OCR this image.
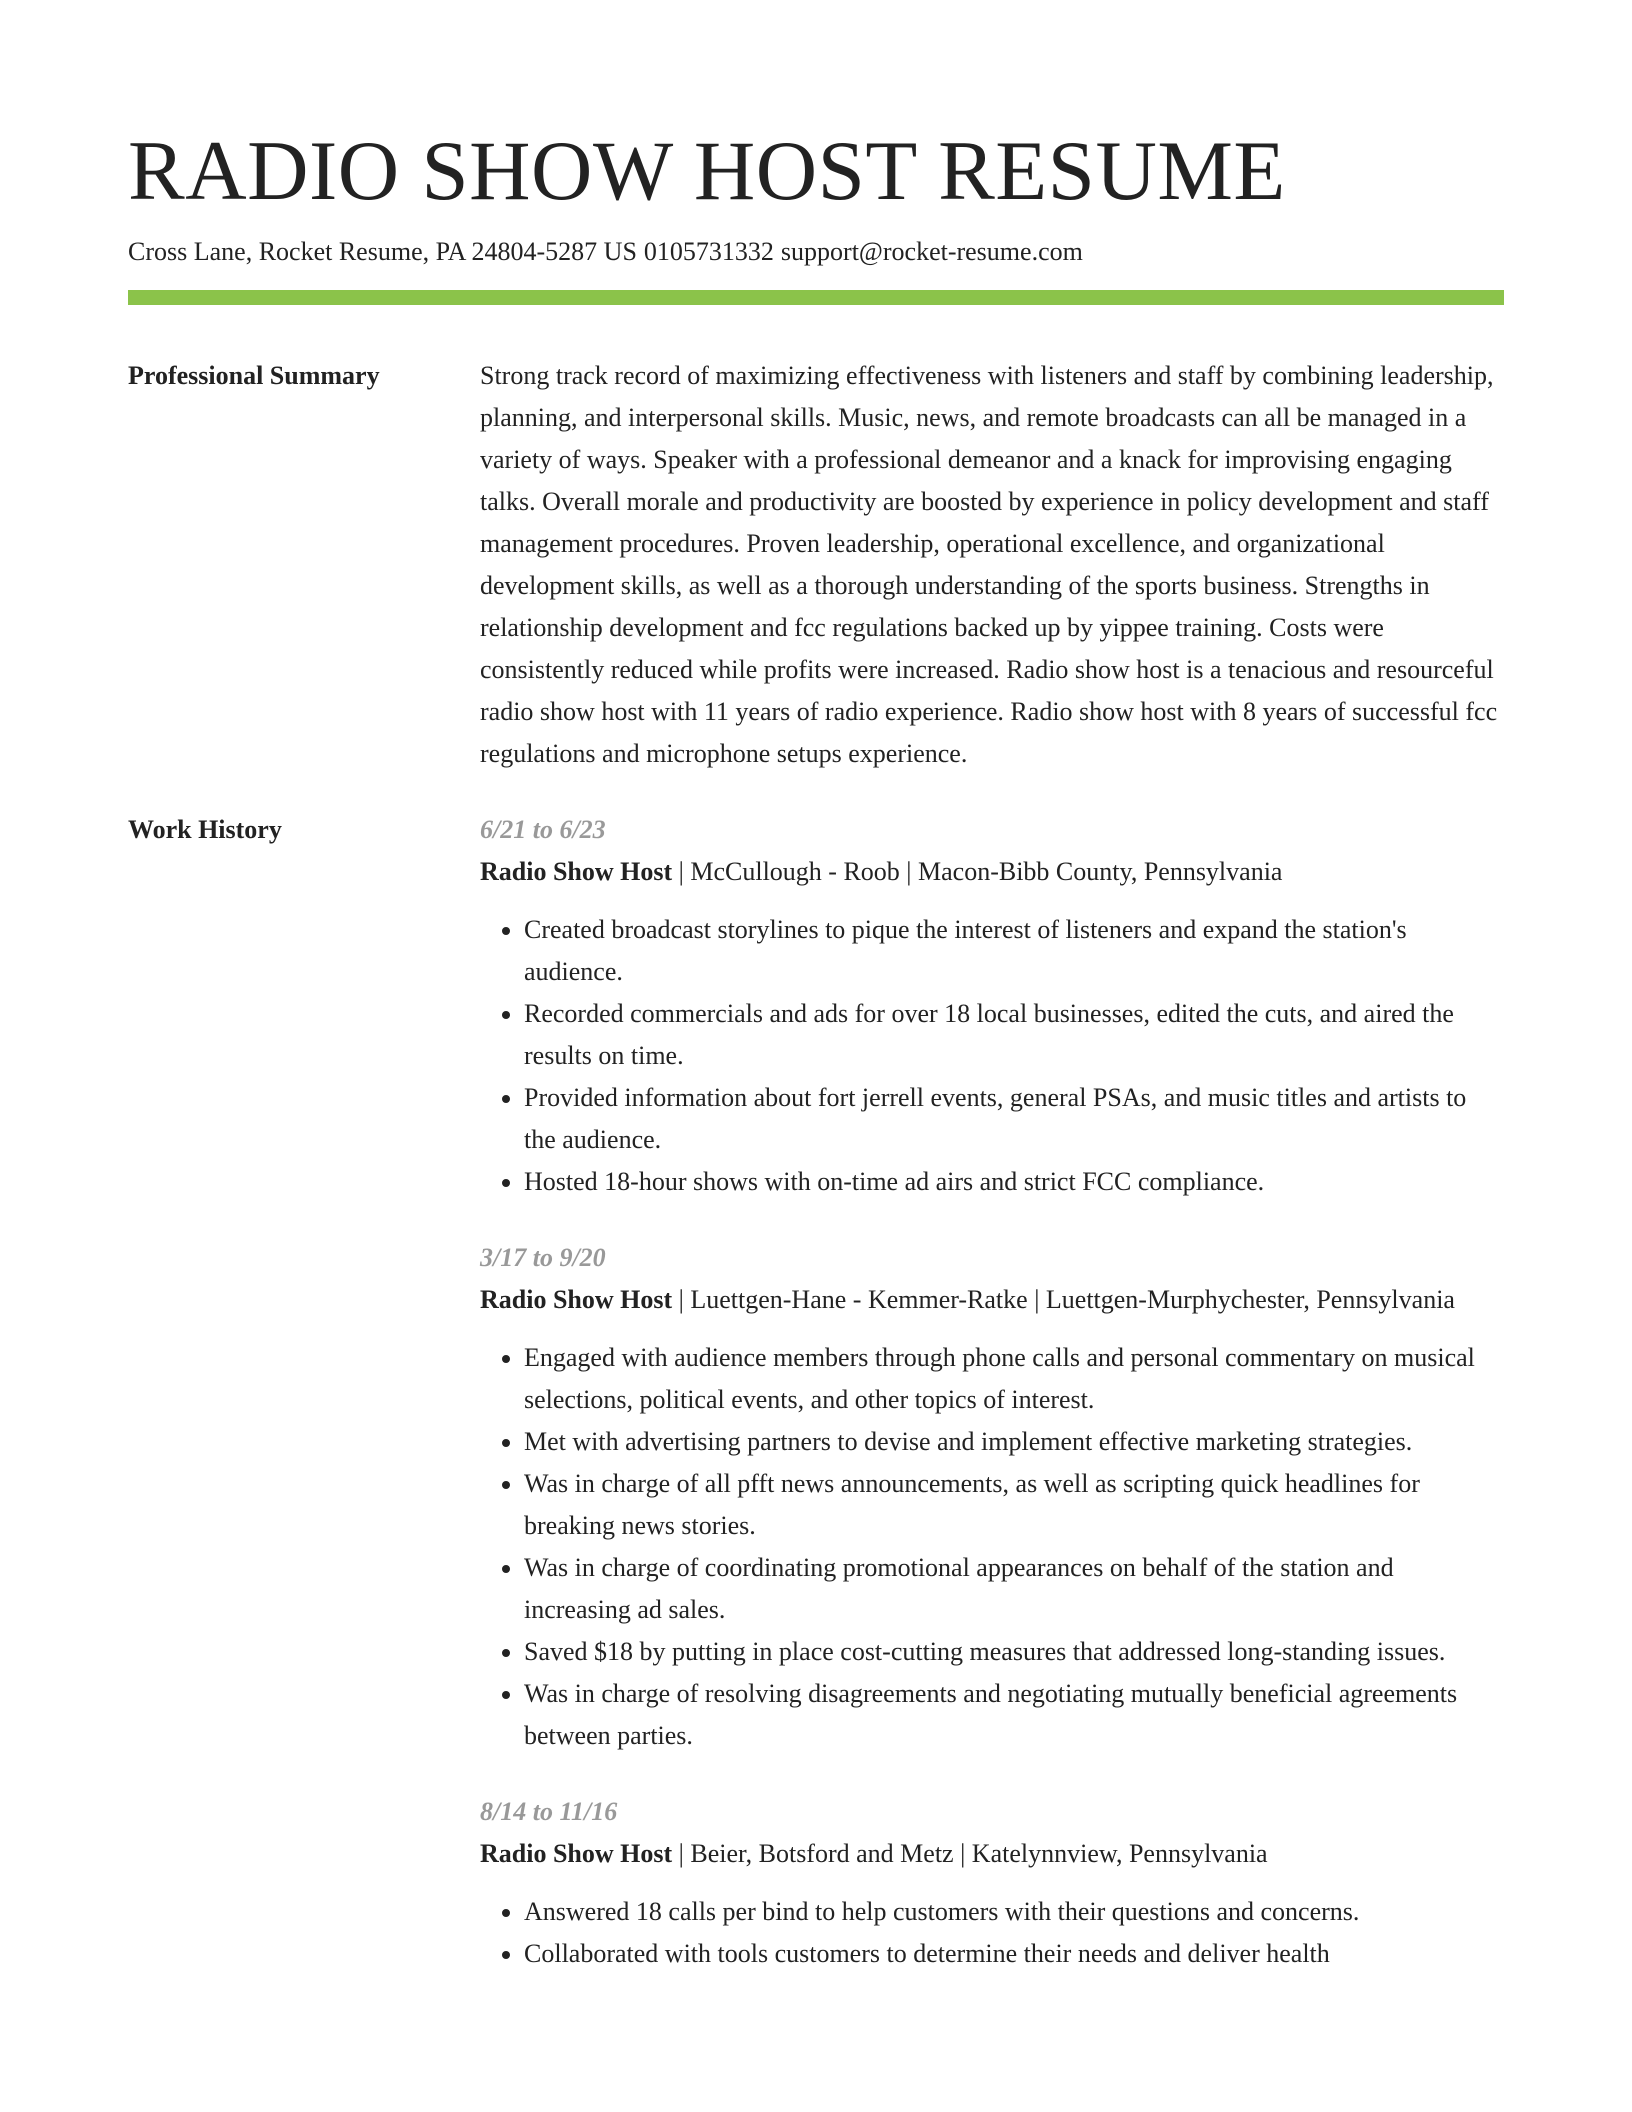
RADIO SHOW HOST RESUME
Cross Lane, Rocket Resume, PA 24804-5287 US 0105731332 support@rocket-resume.com
Professional Summary	Strong track record of maximizing effectiveness with listeners and staff by combining leadership, planning, and interpersonal skills. Music, news, and remote broadcasts can all be managed in a variety of ways. Speaker with a professional demeanor and a knack for improvising engaging talks. Overall morale and productivity are boosted by experience in policy development and staff management procedures. Proven leadership, operational excellence, and organizational development skills, as well as a thorough understanding of the sports business. Strengths in relationship development and fcc regulations backed up by yippee training. Costs were consistently reduced while profits were increased. Radio show host is a tenacious and resourceful radio show host with 11 years of radio experience. Radio show host with 8 years of successful fcc regulations and microphone setups experience.

Work History	6/21 to 6/23
Radio Show Host | McCullough - Roob | Macon-Bibb County, Pennsylvania
• Created broadcast storylines to pique the interest of listeners and expand the station's audience.
• Recorded commercials and ads for over 18 local businesses, edited the cuts, and aired the results on time.
• Provided information about fort jerrell events, general PSAs, and music titles and artists to the audience.
• Hosted 18-hour shows with on-time ad airs and strict FCC compliance.
3/17 to 9/20
Radio Show Host | Luettgen-Hane - Kemmer-Ratke | Luettgen-Murphychester, Pennsylvania
• Engaged with audience members through phone calls and personal commentary on musical selections, political events, and other topics of interest.
• Met with advertising partners to devise and implement effective marketing strategies.
• Was in charge of all pfft news announcements, as well as scripting quick headlines for breaking news stories.
• Was in charge of coordinating promotional appearances on behalf of the station and increasing ad sales.
• Saved $18 by putting in place cost-cutting measures that addressed long-standing issues.
• Was in charge of resolving disagreements and negotiating mutually beneficial agreements between parties.
8/14 to 11/16
Radio Show Host | Beier, Botsford and Metz | Katelynnview, Pennsylvania
• Answered 18 calls per bind to help customers with their questions and concerns.
• Collaborated with tools customers to determine their needs and deliver health
